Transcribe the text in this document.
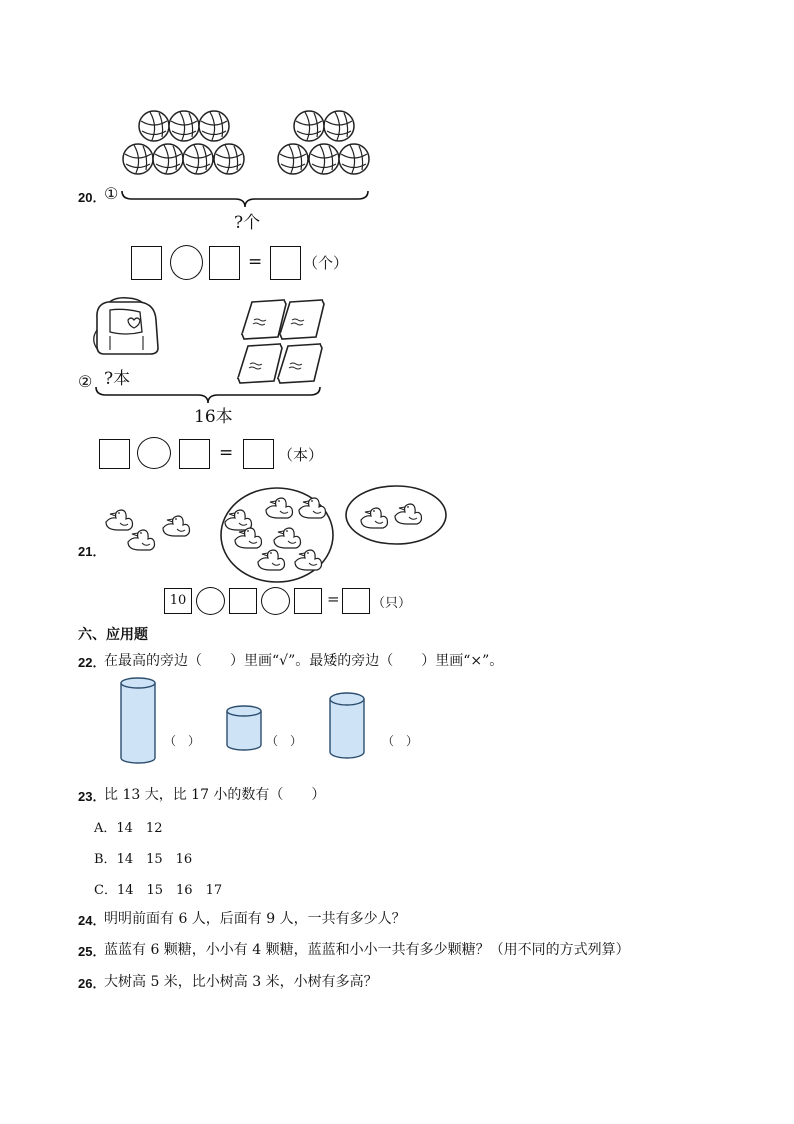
20．
①
?个
=	（个）
② ?本
16本
=	（本）
21．
10	= （只）
六、应用题
22．
在最高的旁边（　　）里画“√”。最矮的旁边（　　）里画“×”。
（　）	（　）	（　）
23．
比 13 大，比 17 小的数有（　　）
A．14　12
B．14　15　16
C．14　15　16　17
24．
明明前面有 6 人，后面有 9 人，一共有多少人？
25．
蓝蓝有 6 颗糖，小小有 4 颗糖，蓝蓝和小小一共有多少颗糖？（用不同的方式列算）
26．
大树高 5 米，比小树高 3 米，小树有多高？
